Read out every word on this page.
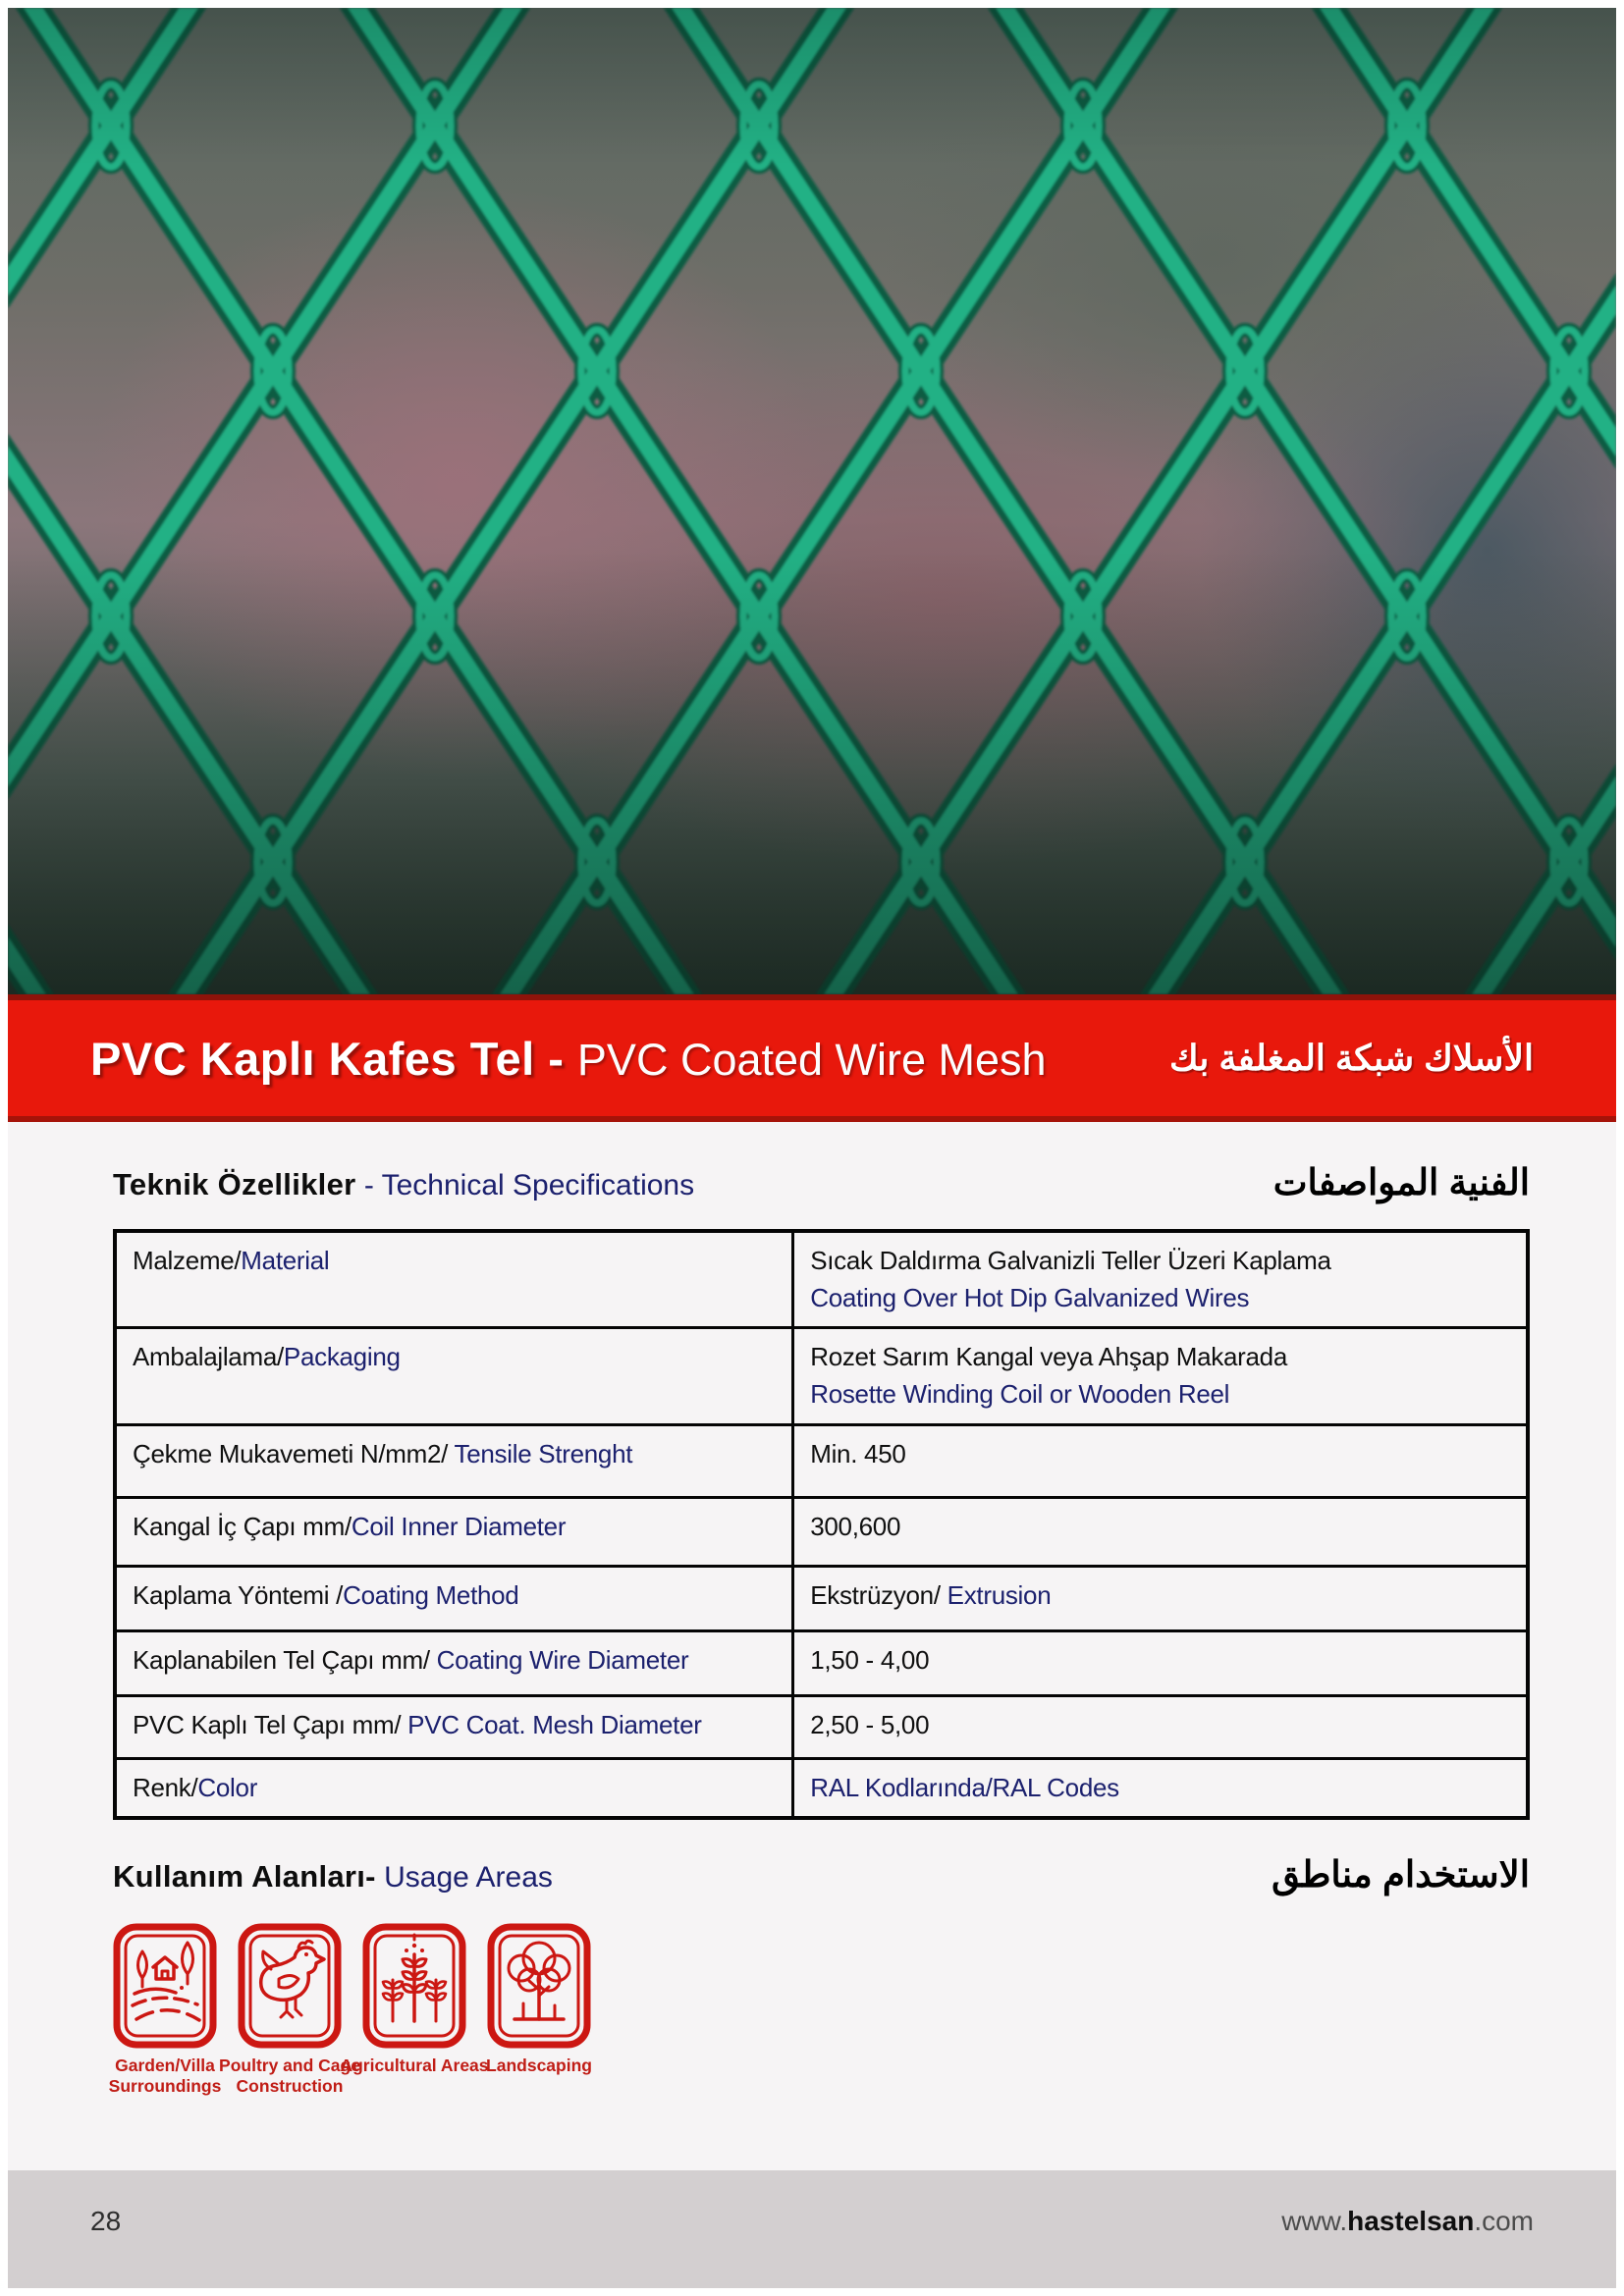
PVC Kaplı Kafes Tel - PVC Coated Wire Mesh	الأسلاك شبكة المغلفة بك
Teknik Özellikler - Technical Specifications	الفنية المواصفات
Malzeme/Material	Sıcak Daldırma Galvanizli Teller Üzeri Kaplama
Coating Over Hot Dip Galvanized Wires

Ambalajlama/Packaging	Rozet Sarım Kangal veya Ahşap Makarada
Rosette Winding Coil or Wooden Reel

Çekme Mukavemeti N/mm2/ Tensile Strenght	Min. 450
Kangal İç Çapı mm/Coil Inner Diameter	300,600
Kaplama Yöntemi /Coating Method	Ekstrüzyon/ Extrusion
Kaplanabilen Tel Çapı mm/ Coating Wire Diameter	1,50 - 4,00
PVC Kaplı Tel Çapı mm/ PVC Coat. Mesh Diameter	2,50 - 5,00
Renk/Color	RAL Kodlarında/RAL Codes
Kullanım Alanları- Usage Areas	الاستخدام مناطق
Garden/Villa Surroundings
Poultry and Cage Construction
Agricultural Areas
Landscaping
28	www.hastelsan.com
